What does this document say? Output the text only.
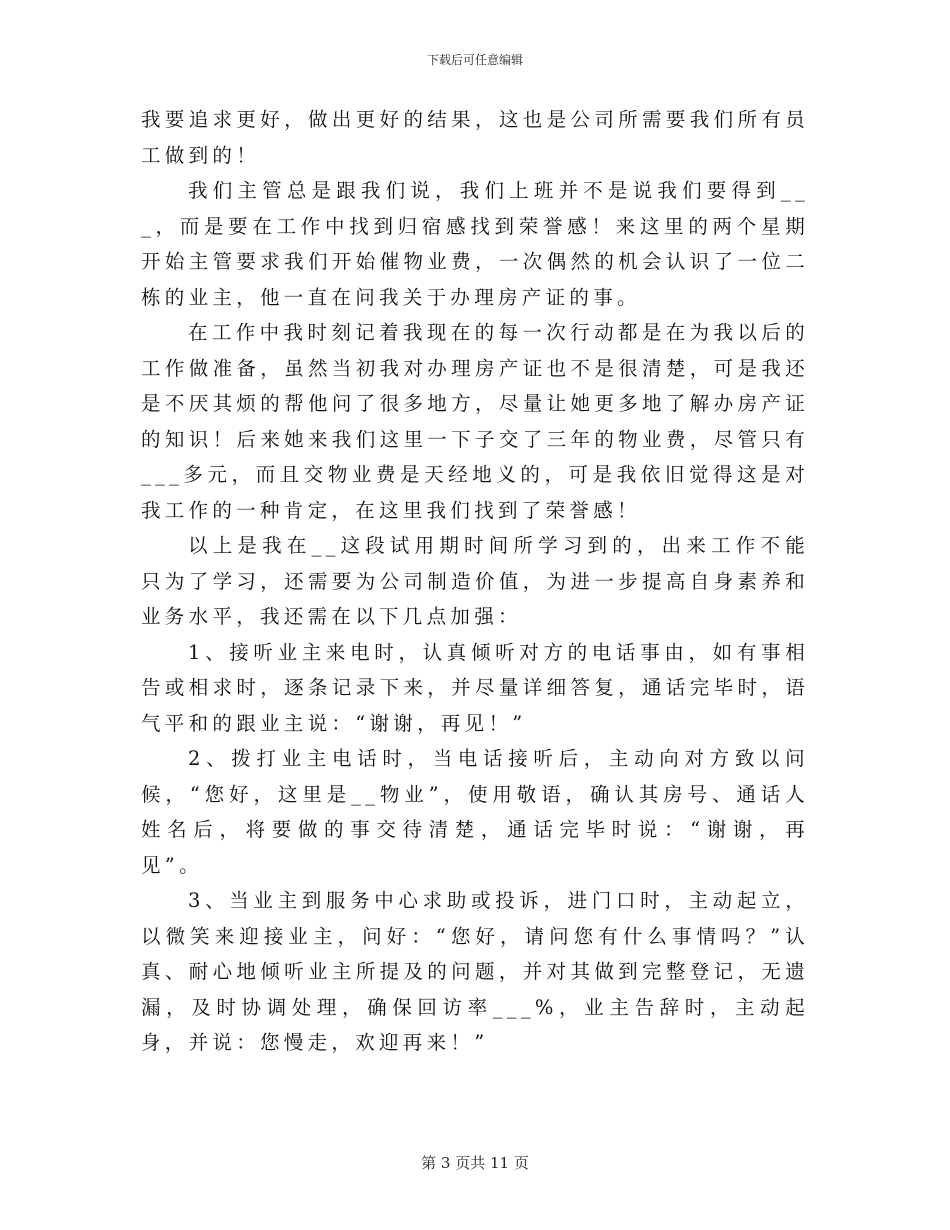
下载后可任意编辑

我要追求更好，做出更好的结果，这也是公司所需要我们所有员工做到的！

我们主管总是跟我们说，我们上班并不是说我们要得到___，而是要在工作中找到归宿感找到荣誉感！来这里的两个星期开始主管要求我们开始催物业费，一次偶然的机会认识了一位二栋的业主，他一直在问我关于办理房产证的事。

在工作中我时刻记着我现在的每一次行动都是在为我以后的工作做准备，虽然当初我对办理房产证也不是很清楚，可是我还是不厌其烦的帮他问了很多地方，尽量让她更多地了解办房产证的知识！后来她来我们这里一下子交了三年的物业费，尽管只有___多元，而且交物业费是天经地义的，可是我依旧觉得这是对我工作的一种肯定，在这里我们找到了荣誉感！

以上是我在__这段试用期时间所学习到的，出来工作不能只为了学习，还需要为公司制造价值，为进一步提高自身素养和业务水平，我还需在以下几点加强：

1、接听业主来电时，认真倾听对方的电话事由，如有事相告或相求时，逐条记录下来，并尽量详细答复，通话完毕时，语气平和的跟业主说：“谢谢，再见！”

2、拨打业主电话时，当电话接听后，主动向对方致以问候，“您好，这里是__物业”，使用敬语，确认其房号、通话人姓名后，将要做的事交待清楚，通话完毕时说：“谢谢，再见”。

3、当业主到服务中心求助或投诉，进门口时，主动起立，以微笑来迎接业主，问好：“您好，请问您有什么事情吗？”认真、耐心地倾听业主所提及的问题，并对其做到完整登记，无遗漏，及时协调处理，确保回访率___%，业主告辞时，主动起身，并说：您慢走，欢迎再来！”

第 3 页共 11 页
